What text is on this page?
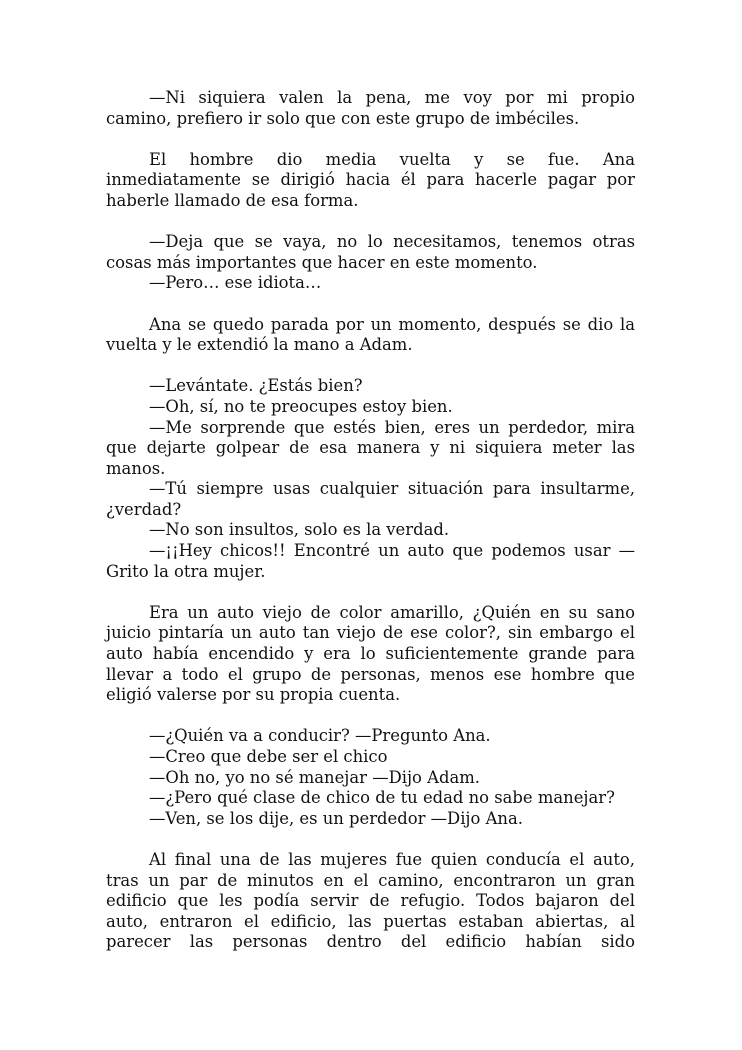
—Ni siquiera valen la pena, me voy por mi propio
camino, prefiero ir solo que con este grupo de imbéciles.
El hombre dio media vuelta y se fue. Ana
inmediatamente se dirigió hacia él para hacerle pagar por
haberle llamado de esa forma.
—Deja que se vaya, no lo necesitamos, tenemos otras
cosas más importantes que hacer en este momento.
—Pero… ese idiota…
Ana se quedo parada por un momento, después se dio la
vuelta y le extendió la mano a Adam.
—Levántate. ¿Estás bien?
—Oh, sí, no te preocupes estoy bien.
—Me sorprende que estés bien, eres un perdedor, mira
que dejarte golpear de esa manera y ni siquiera meter las
manos.
—Tú siempre usas cualquier situación para insultarme,
¿verdad?
—No son insultos, solo es la verdad.
—¡¡Hey chicos!! Encontré un auto que podemos usar —
Grito la otra mujer.
Era un auto viejo de color amarillo, ¿Quién en su sano
juicio pintaría un auto tan viejo de ese color?, sin embargo el
auto había encendido y era lo suficientemente grande para
llevar a todo el grupo de personas, menos ese hombre que
eligió valerse por su propia cuenta.
—¿Quién va a conducir? —Pregunto Ana.
—Creo que debe ser el chico
—Oh no, yo no sé manejar —Dijo Adam.
—¿Pero qué clase de chico de tu edad no sabe manejar?
—Ven, se los dije, es un perdedor —Dijo Ana.
Al final una de las mujeres fue quien conducía el auto,
tras un par de minutos en el camino, encontraron un gran
edificio que les podía servir de refugio. Todos bajaron del
auto, entraron el edificio, las puertas estaban abiertas, al
parecer las personas dentro del edificio habían sido
